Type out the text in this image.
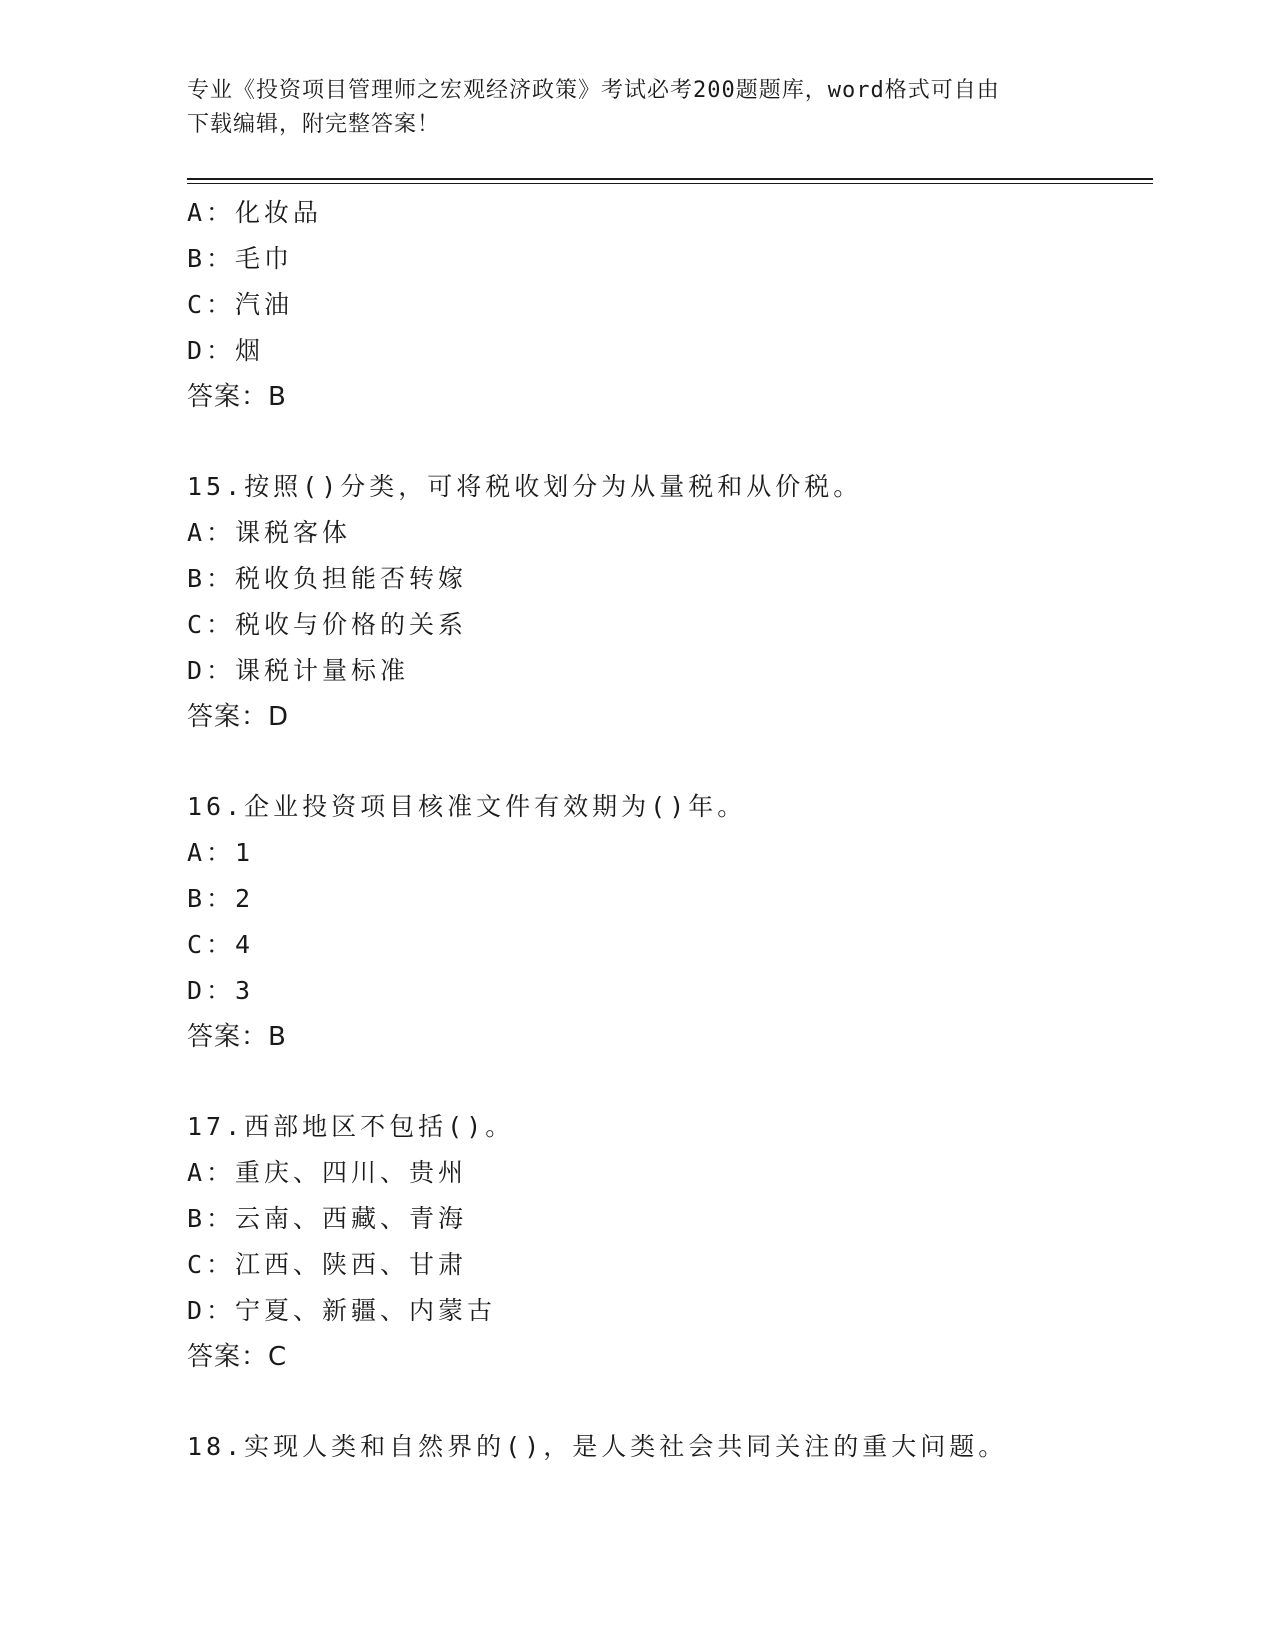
专业《投资项目管理师之宏观经济政策》考试必考200题题库，word格式可自由
下载编辑，附完整答案！
A：化妆品
B：毛巾
C：汽油
D：烟
答案：B
15.按照()分类，可将税收划分为从量税和从价税。
A：课税客体
B：税收负担能否转嫁
C：税收与价格的关系
D：课税计量标准
答案：D
16.企业投资项目核准文件有效期为()年。
A：1
B：2
C：4
D：3
答案：B
17.西部地区不包括()。
A：重庆、四川、贵州
B：云南、西藏、青海
C：江西、陕西、甘肃
D：宁夏、新疆、内蒙古
答案：C
18.实现人类和自然界的()，是人类社会共同关注的重大问题。
